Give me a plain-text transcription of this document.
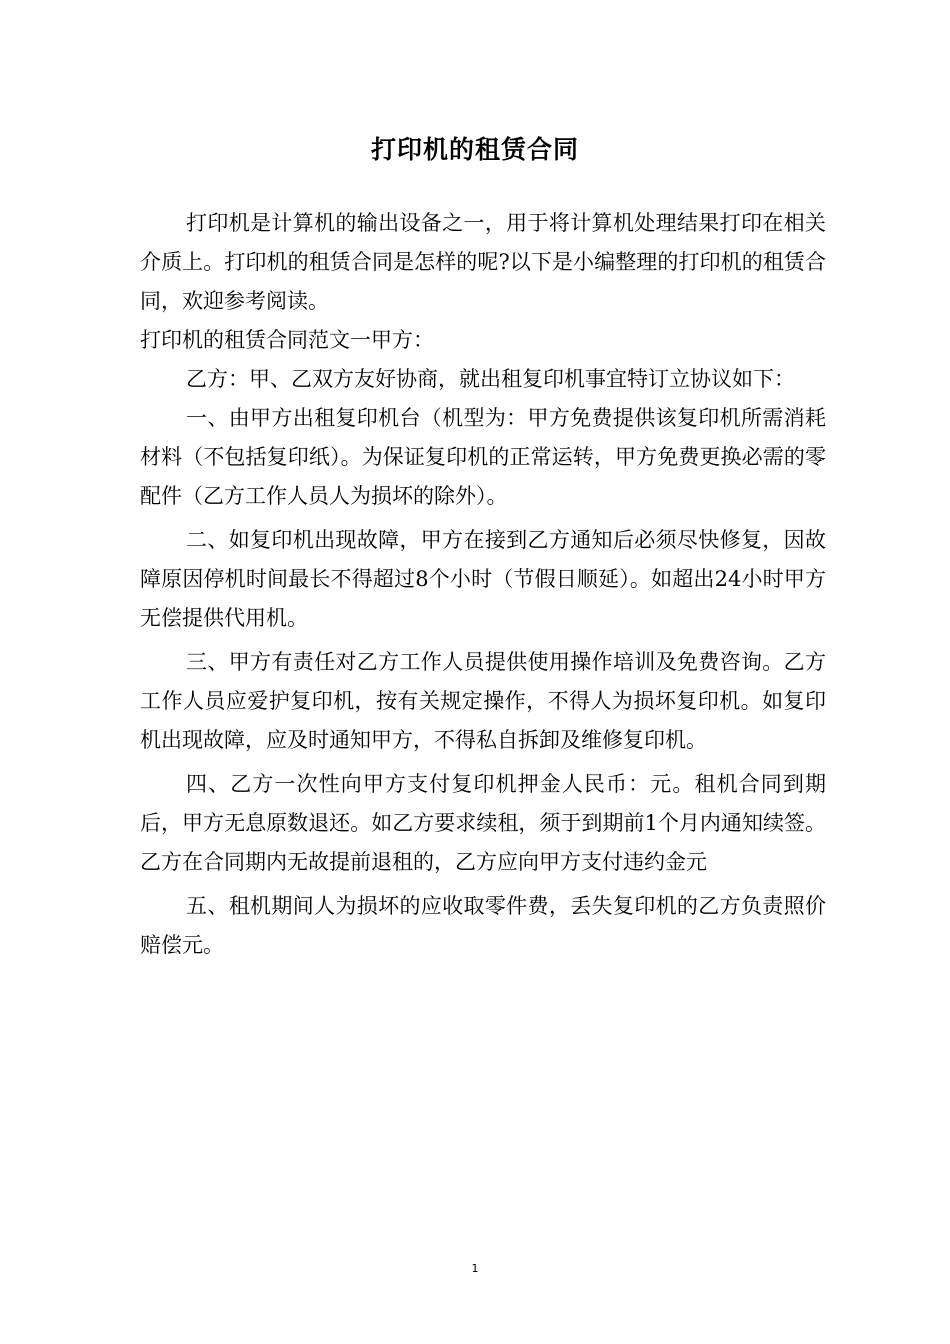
打印机的租赁合同

打印机是计算机的输出设备之一，用于将计算机处理结果打印在相关介质上。打印机的租赁合同是怎样的呢?以下是小编整理的打印机的租赁合同，欢迎参考阅读。

打印机的租赁合同范文一甲方：

乙方：甲、乙双方友好协商，就出租复印机事宜特订立协议如下：

一、由甲方出租复印机台（机型为：甲方免费提供该复印机所需消耗材料（不包括复印纸）。为保证复印机的正常运转，甲方免费更换必需的零配件（乙方工作人员人为损坏的除外）。

二、如复印机出现故障，甲方在接到乙方通知后必须尽快修复，因故障原因停机时间最长不得超过8个小时（节假日顺延）。如超出24小时甲方无偿提供代用机。

三、甲方有责任对乙方工作人员提供使用操作培训及免费咨询。乙方工作人员应爱护复印机，按有关规定操作，不得人为损坏复印机。如复印机出现故障，应及时通知甲方，不得私自拆卸及维修复印机。

四、乙方一次性向甲方支付复印机押金人民币：元。租机合同到期后，甲方无息原数退还。如乙方要求续租，须于到期前1个月内通知续签。乙方在合同期内无故提前退租的，乙方应向甲方支付违约金元

五、租机期间人为损坏的应收取零件费，丢失复印机的乙方负责照价赔偿元。

1
